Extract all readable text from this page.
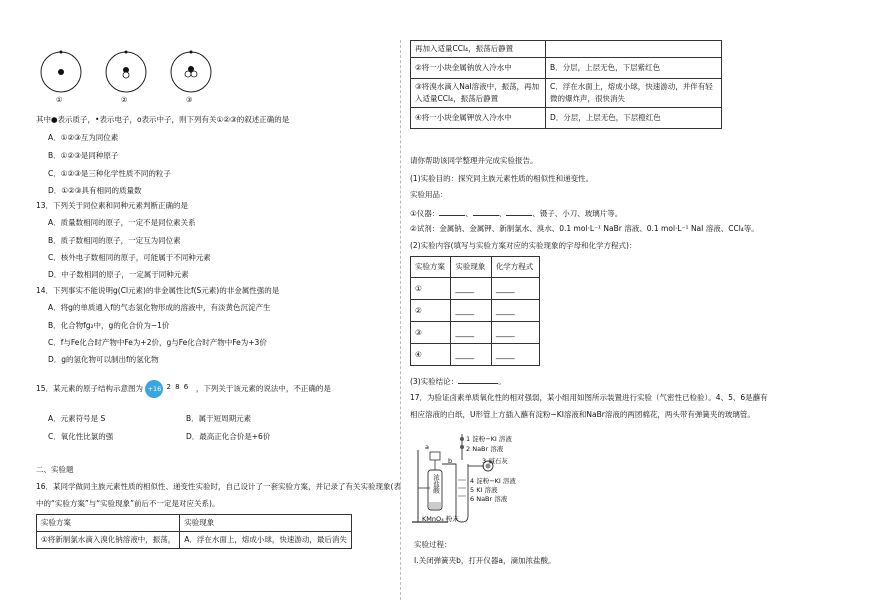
①	②	③
其中●表示质子，•表示电子，o表示中子，则下列有关①②③的叙述正确的是
A．①②③互为同位素
B．①②③是同种原子
C．①②③是三种化学性质不同的粒子
D．①②③具有相同的质量数
13．下列关于同位素和同种元素判断正确的是
A．质量数相同的原子，一定不是同位素关系
B．质子数相同的原子，一定互为同位素
C．核外电子数相同的原子，可能属于不同种元素
D．中子数相同的原子，一定属于同种元素
14．下列事实不能说明g(Cl元素)的非金属性比f(S元素)的非金属性强的是
A．将g的单质通入f的气态氢化物形成的溶液中，有淡黄色沉淀产生
B．化合物fg₂中，g的化合价为−1价
C．f与Fe化合时产物中Fe为+2价，g与Fe化合时产物中Fe为+3价
D．g的氢化物可以制出f的氢化物
15．某元素的原子结构示意图为 +16 2 8 6 ，下列关于该元素的说法中，不正确的是
A．元素符号是 S	B．属于短周期元素
C．氧化性比氯的强	D．最高正化合价是+6价
二、实验题
16．某同学做同主族元素性质的相似性、递变性实验时，自己设计了一套实验方案，并记录了有关实验现象(表
中的“实验方案”与“实验现象”前后不一定是对应关系)。
实验方案	实验现象
①将新制氯水滴入溴化钠溶液中，振荡，	A．浮在水面上，熔成小球，快速游动，最后消失
再加入适量CCl₄，振荡后静置	
②将一小块金属钠放入冷水中	B．分层，上层无色，下层紫红色
③将溴水滴入NaI溶液中，振荡，再加入适量CCl₄，振荡后静置	C．浮在水面上，熔成小球，快速游动，并伴有轻微的爆炸声，很快消失
④将一小块金属钾放入冷水中	D．分层，上层无色，下层橙红色
请你帮助该同学整理并完成实验报告。
(1)实验目的：探究同主族元素性质的相似性和递变性。
实验用品：
①仪器：	、	、	、镊子、小刀、玻璃片等。
②试剂：金属钠、金属钾、新制氯水、溴水、0.1 mol·L⁻¹ NaBr 溶液、0.1 mol·L⁻¹ NaI 溶液、CCl₄等。
(2)实验内容(填写与实验方案对应的实验现象的字母和化学方程式)：
实验方案	实验现象	化学方程式
①	_____	_____
②	_____	_____
③	_____	_____
④	_____	_____
(3)实验结论：	。
17．为验证卤素单质氧化性的相对强弱，某小组用如图所示装置进行实验（气密性已检验）。4、5、6是蘸有
相应溶液的白纸，U形管上方插入蘸有淀粉−KI溶液和NaBr溶液的两团棉花，两头带有弹簧夹的玻璃管。
1 淀粉−KI 溶液
2 NaBr 溶液
3 碱石灰
4 淀粉−KI 溶液
5 KI 溶液
6 NaBr 溶液
a
b
浓盐酸
KMnO₄ 粉末
实验过程：
Ⅰ.关闭弹簧夹b，打开仪器a，滴加浓盐酸。
